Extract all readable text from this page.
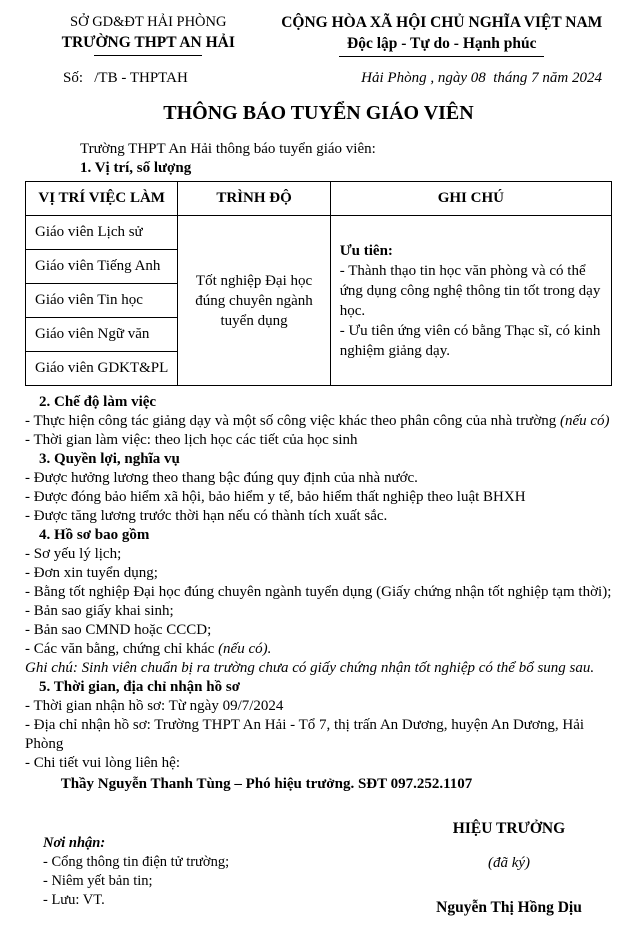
SỞ GD&ĐT HẢI PHÒNG
TRƯỜNG THPT AN HẢI
CỘNG HÒA XÃ HỘI CHỦ NGHĨA VIỆT NAM
Độc lập - Tự do - Hạnh phúc
Số:   /TB - THPTAH	Hải Phòng , ngày 08  tháng 7 năm 2024
THÔNG BÁO TUYỂN GIÁO VIÊN

Trường THPT An Hải thông báo tuyển giáo viên:

1. Vị trí, số lượng
VỊ TRÍ VIỆC LÀM	TRÌNH ĐỘ	GHI CHÚ
Giáo viên Lịch sử	Tốt nghiệp Đại học đúng chuyên ngành tuyển dụng	Ưu tiên:
- Thành thạo tin học văn phòng và có thể ứng dụng công nghệ thông tin tốt trong dạy học.
- Ưu tiên ứng viên có bằng Thạc sĩ, có kinh nghiệm giảng dạy.

Giáo viên Tiếng Anh		
Giáo viên Tin học		
Giáo viên Ngữ văn		
Giáo viên GDKT&PL		
2. Chế độ làm việc

- Thực hiện công tác giảng dạy và một số công việc khác theo phân công của nhà trường (nếu có)

- Thời gian làm việc: theo lịch học các tiết của học sinh

3. Quyền lợi, nghĩa vụ

- Được hưởng lương theo thang bậc đúng quy định của nhà nước.

- Được đóng bảo hiểm xã hội, bảo hiểm y tế, bảo hiểm thất nghiệp theo luật BHXH

- Được tăng lương trước thời hạn nếu có thành tích xuất sắc.

4. Hồ sơ bao gồm

- Sơ yếu lý lịch;

- Đơn xin tuyển dụng;

- Bằng tốt nghiệp Đại học đúng chuyên ngành tuyển dụng (Giấy chứng nhận tốt nghiệp tạm thời);

- Bản sao giấy khai sinh;

- Bản sao CMND hoặc CCCD;

- Các văn bằng, chứng chỉ khác (nếu có).

Ghi chú: Sinh viên chuẩn bị ra trường chưa có giấy chứng nhận tốt nghiệp có thể bổ sung sau.

5. Thời gian, địa chỉ nhận hồ sơ

- Thời gian nhận hồ sơ: Từ ngày 09/7/2024

- Địa chỉ nhận hồ sơ: Trường THPT An Hải - Tổ 7, thị trấn An Dương, huyện An Dương, Hải Phòng

- Chi tiết vui lòng liên hệ:

Thầy Nguyễn Thanh Tùng – Phó hiệu trưởng. SĐT 097.252.1107
Nơi nhận:
- Cổng thông tin điện tử trường;
- Niêm yết bản tin;
- Lưu: VT.
HIỆU TRƯỞNG
(đã ký)
Nguyễn Thị Hồng Dịu
